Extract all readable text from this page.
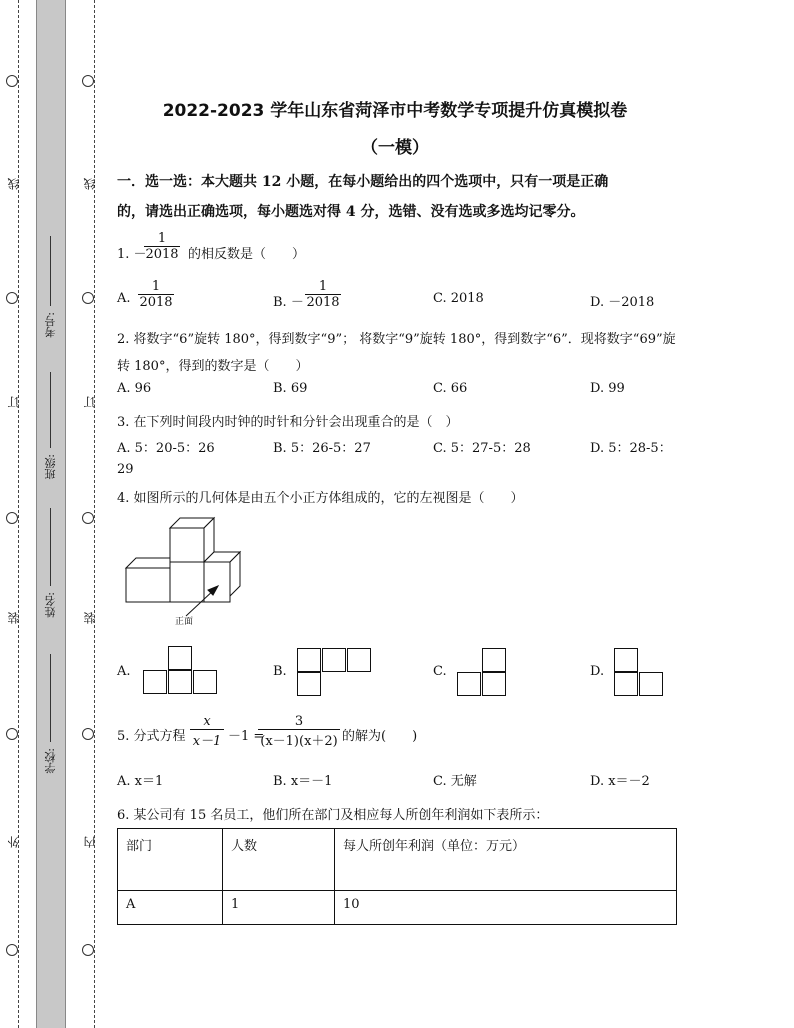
线
订
装
外
线
订
装
内
考号:
班级:
姓名:
学校:
2022-2023 学年山东省菏泽市中考数学专项提升仿真模拟卷
（一模）
一．选一选：本大题共 12 小题，在每小题给出的四个选项中，只有一项是正确
的，请选出正确选项，每小题选对得 4 分，选错、没有选或多选均记零分。
1. －
$\frac{1}{2018}$ 的相反数是（　　）
A. $\frac{1}{2018}$	B. － $\frac{1}{2018}$	C. 2018	D. －2018
2. 将数字“6”旋转 180°，得到数字“9”； 将数字“9”旋转 180°，得到数字“6”．现将数字“69”旋
转 180°，得到的数字是（　　）
A. 96	B. 69	C. 66	D. 99
3. 在下列时间段内时钟的时针和分针会出现重合的是（　）
A. 5：20-5：26	B. 5：26-5：27	C. 5：27-5：28	D. 5：28-5：
29
4. 如图所示的几何体是由五个小正方体组成的，它的左视图是（　　）
正面
A.	B.	C.	D.
5. 分式方程 $\frac{x}{x-1} -1$ =
$\frac{3}{(x-1)(x+2)}$ 的解为(　　)
A. x＝1	B. x＝－1	C. 无解	D. x＝－2
6. 某公司有 15 名员工，他们所在部门及相应每人所创年利润如下表所示：
部门	人数	每人所创年利润（单位：万元）
A	1	10
